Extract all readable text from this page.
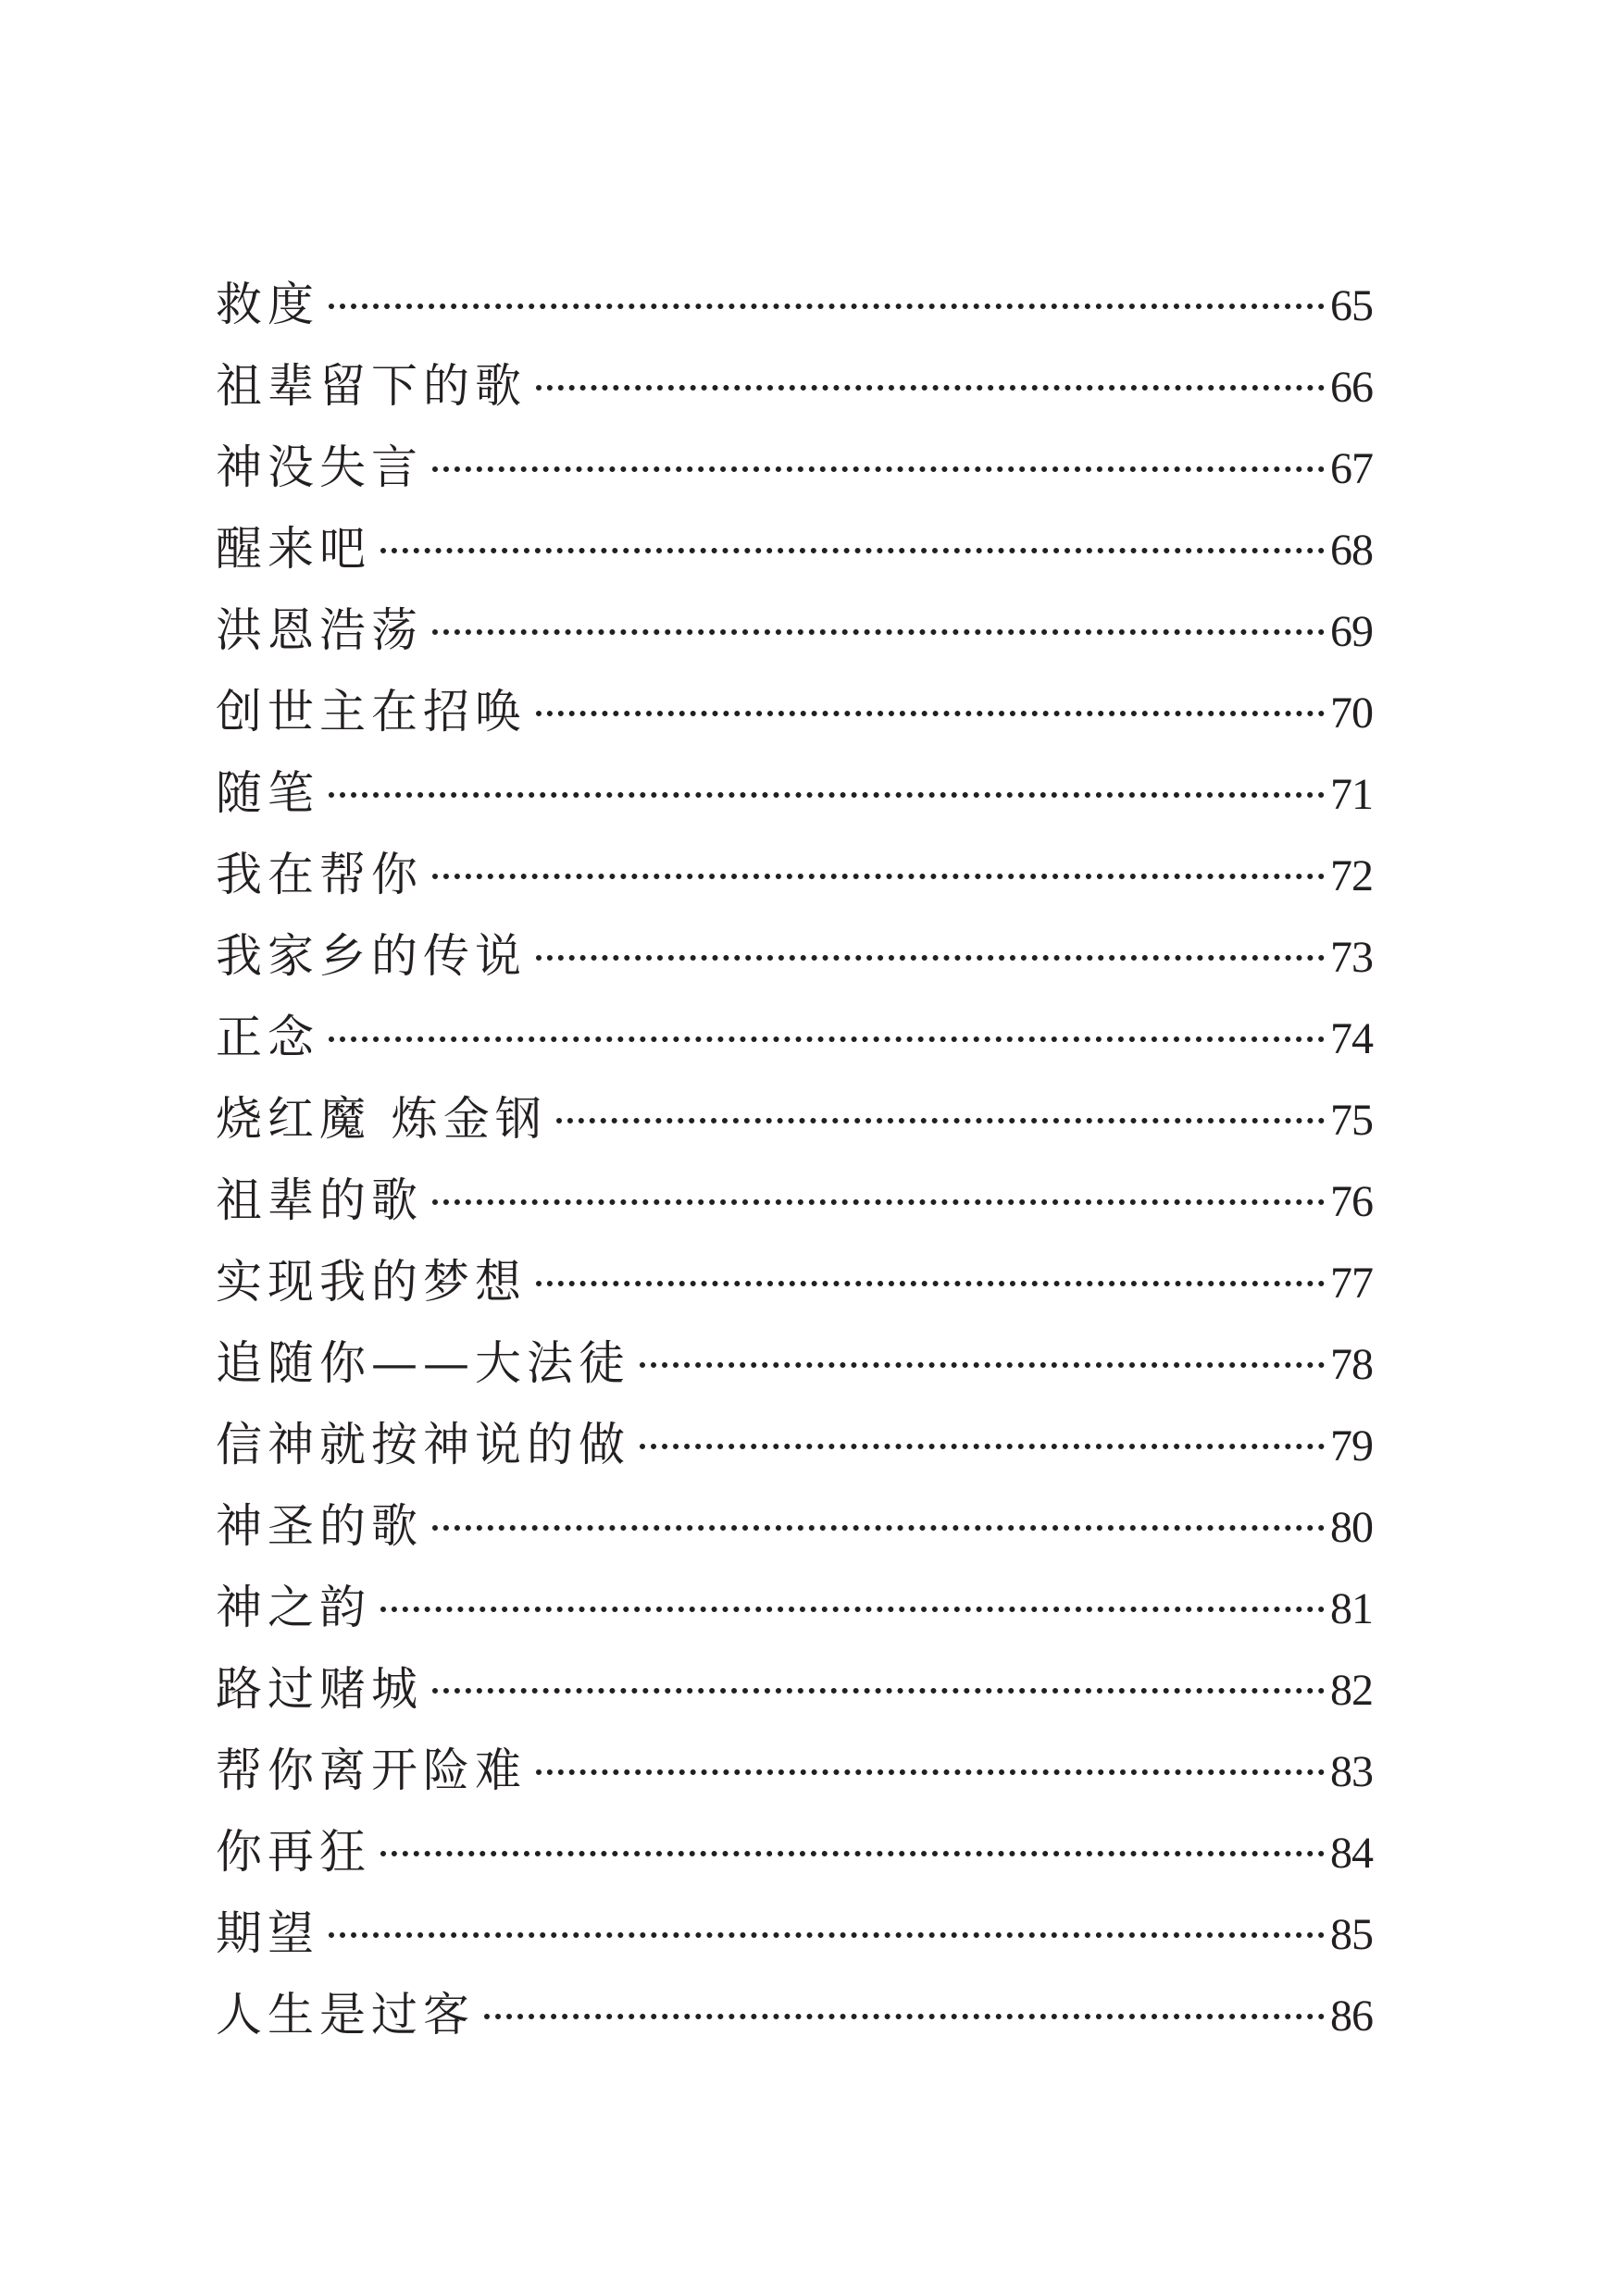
救度	65
祖辈留下的歌	66
神没失言	67
醒来吧	68
洪恩浩荡	69
创世主在招唤	70
随笔	71
我在帮你	72
我家乡的传说	73
正念	74
烧红魔 炼金钢	75
祖辈的歌	76
实现我的梦想	77
追随你——大法徒	78
信神就按神说的做	79
神圣的歌	80
神之韵	81
路过赌城	82
帮你离开险难	83
你再狂	84
期望	85
人生是过客	86
